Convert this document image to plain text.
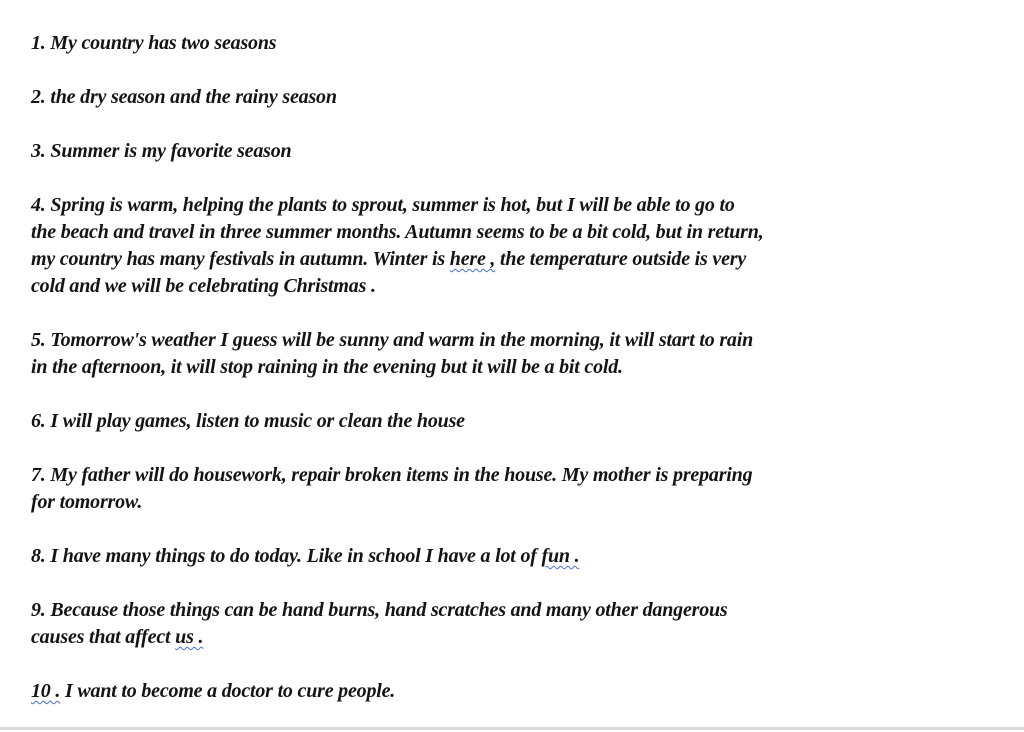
1. My country has two seasons

2. the dry season and the rainy season

3. Summer is my favorite season

4. Spring is warm, helping the plants to sprout, summer is hot, but I will be able to go to
the beach and travel in three summer months. Autumn seems to be a bit cold, but in return,
my country has many festivals in autumn. Winter is here , the temperature outside is very
cold and we will be celebrating Christmas .

5. Tomorrow's weather I guess will be sunny and warm in the morning, it will start to rain
in the afternoon, it will stop raining in the evening but it will be a bit cold.

6. I will play games, listen to music or clean the house

7. My father will do housework, repair broken items in the house. My mother is preparing
for tomorrow.

8. I have many things to do today. Like in school I have a lot of fun .

9. Because those things can be hand burns, hand scratches and many other dangerous
causes that affect us .

10 . I want to become a doctor to cure people.
